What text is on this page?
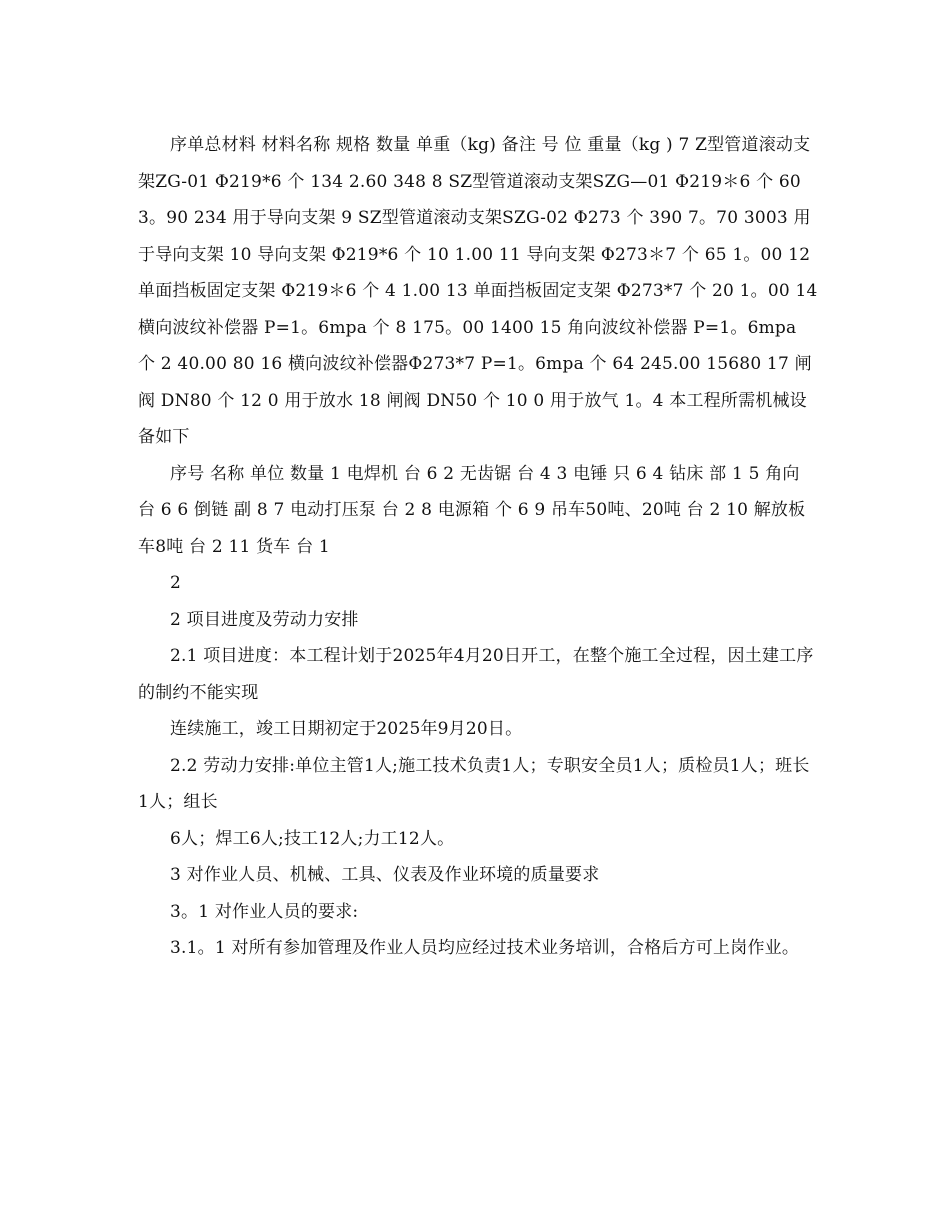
序单总材料 材料名称 规格 数量 单重（kg) 备注 号 位 重量（kg ) 7 Z型管道滚动支架ZG-01 Φ219*6 个 134 2.60 348 8 SZ型管道滚动支架SZG—01 Φ219＊6 个 60 3。90 234 用于导向支架 9 SZ型管道滚动支架SZG-02 Φ273 个 390 7。70 3003 用于导向支架 10 导向支架 Φ219*6 个 10 1.00 11 导向支架 Φ273＊7 个 65 1。00 12 单面挡板固定支架 Φ219＊6 个 4 1.00 13 单面挡板固定支架 Φ273*7 个 20 1。00 14 横向波纹补偿器 P=1。6mpa 个 8 175。00 1400 15 角向波纹补偿器 P=1。6mpa 个 2 40.00 80 16 横向波纹补偿器Φ273*7 P=1。6mpa 个 64 245.00 15680 17 闸阀 DN80 个 12 0 用于放水 18 闸阀 DN50 个 10 0 用于放气 1。4 本工程所需机械设备如下

序号 名称 单位 数量 1 电焊机 台 6 2 无齿锯 台 4 3 电锤 只 6 4 钻床 部 1 5 角向 台 6 6 倒链 副 8 7 电动打压泵 台 2 8 电源箱 个 6 9 吊车50吨、20吨 台 2 10 解放板车8吨 台 2 11 货车 台 1

2

2 项目进度及劳动力安排

2.1 项目进度：本工程计划于2025年4月20日开工，在整个施工全过程，因土建工序的制约不能实现

连续施工，竣工日期初定于2025年9月20日。

2.2 劳动力安排:单位主管1人;施工技术负责1人；专职安全员1人；质检员1人；班长1人；组长

6人；焊工6人;技工12人;力工12人。

3 对作业人员、机械、工具、仪表及作业环境的质量要求

3。1 对作业人员的要求:

3.1。1 对所有参加管理及作业人员均应经过技术业务培训，合格后方可上岗作业。
